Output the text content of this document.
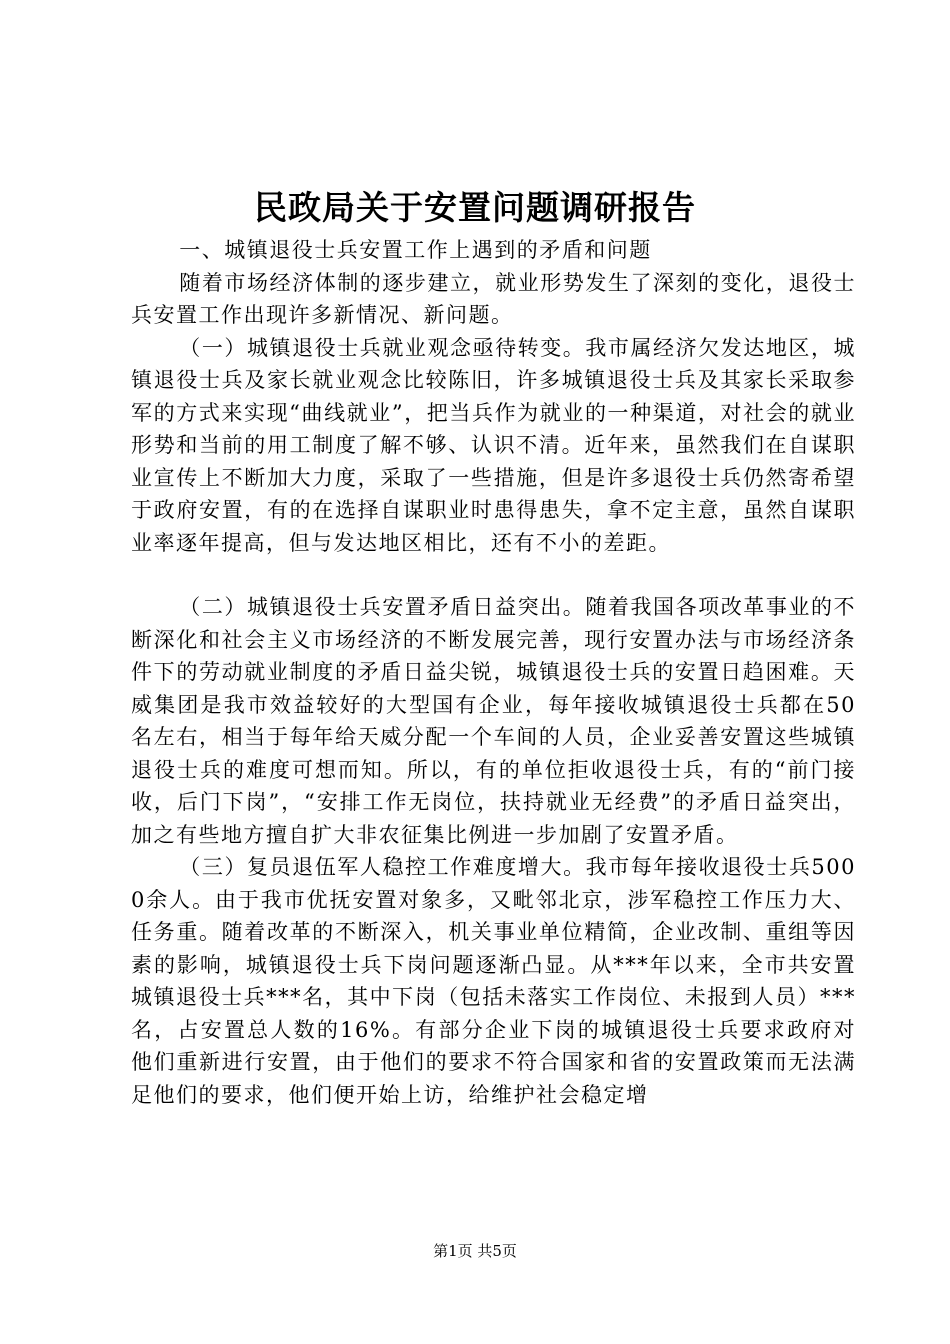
民政局关于安置问题调研报告

一、城镇退役士兵安置工作上遇到的矛盾和问题

随着市场经济体制的逐步建立，就业形势发生了深刻的变化，退役士兵安置工作出现许多新情况、新问题。

（一）城镇退役士兵就业观念亟待转变。我市属经济欠发达地区，城镇退役士兵及家长就业观念比较陈旧，许多城镇退役士兵及其家长采取参军的方式来实现“曲线就业”，把当兵作为就业的一种渠道，对社会的就业形势和当前的用工制度了解不够、认识不清。近年来，虽然我们在自谋职业宣传上不断加大力度，采取了一些措施，但是许多退役士兵仍然寄希望于政府安置，有的在选择自谋职业时患得患失，拿不定主意，虽然自谋职业率逐年提高，但与发达地区相比，还有不小的差距。

（二）城镇退役士兵安置矛盾日益突出。随着我国各项改革事业的不断深化和社会主义市场经济的不断发展完善，现行安置办法与市场经济条件下的劳动就业制度的矛盾日益尖锐，城镇退役士兵的安置日趋困难。天威集团是我市效益较好的大型国有企业，每年接收城镇退役士兵都在50名左右，相当于每年给天威分配一个车间的人员，企业妥善安置这些城镇退役士兵的难度可想而知。所以，有的单位拒收退役士兵，有的“前门接收，后门下岗”，“安排工作无岗位，扶持就业无经费”的矛盾日益突出，加之有些地方擅自扩大非农征集比例进一步加剧了安置矛盾。

（三）复员退伍军人稳控工作难度增大。我市每年接收退役士兵5000余人。由于我市优抚安置对象多，又毗邻北京，涉军稳控工作压力大、任务重。随着改革的不断深入，机关事业单位精简，企业改制、重组等因素的影响，城镇退役士兵下岗问题逐渐凸显。从***年以来，全市共安置城镇退役士兵***名，其中下岗（包括未落实工作岗位、未报到人员）***名，占安置总人数的16%。有部分企业下岗的城镇退役士兵要求政府对他们重新进行安置，由于他们的要求不符合国家和省的安置政策而无法满足他们的要求，他们便开始上访，给维护社会稳定增

第1页 共5页
